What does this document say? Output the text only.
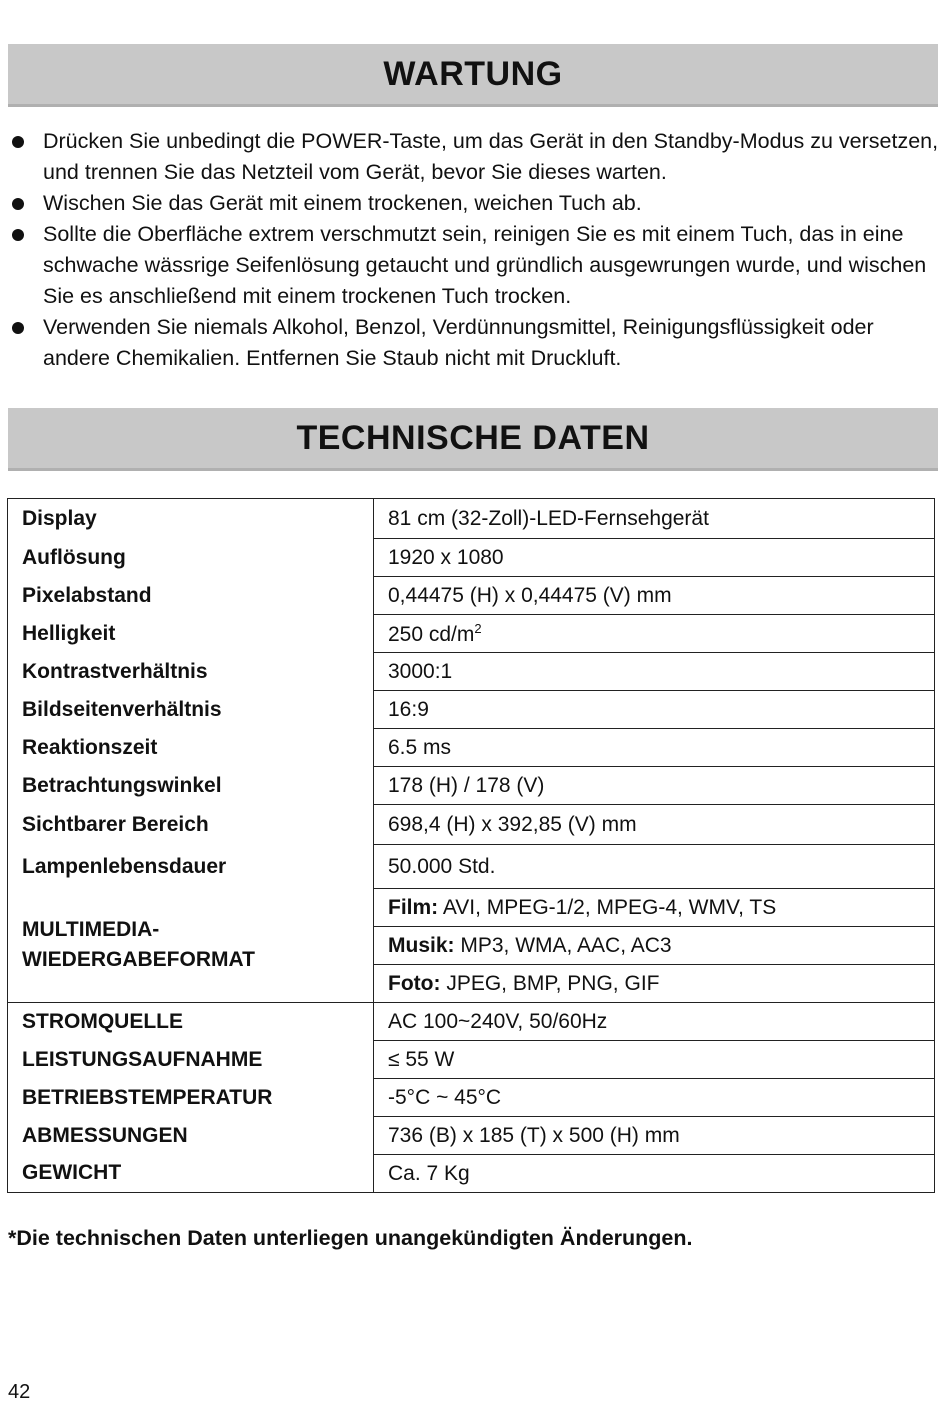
WARTUNG
Drücken Sie unbedingt die POWER-Taste, um das Gerät in den Standby-Modus zu versetzen, und trennen Sie das Netzteil vom Gerät, bevor Sie dieses warten.
Wischen Sie das Gerät mit einem trockenen, weichen Tuch ab.
Sollte die Oberfläche extrem verschmutzt sein, reinigen Sie es mit einem Tuch, das in eine schwache wässrige Seifenlösung getaucht und gründlich ausgewrungen wurde, und wischen Sie es anschließend mit einem trockenen Tuch trocken.
Verwenden Sie niemals Alkohol, Benzol, Verdünnungsmittel, Reinigungsflüssigkeit oder andere Chemikalien. Entfernen Sie Staub nicht mit Druckluft.
TECHNISCHE DATEN
Display	81 cm (32-Zoll)-LED-Fernsehgerät
Auflösung	1920 x 1080
Pixelabstand	0,44475 (H) x 0,44475 (V) mm
Helligkeit	250 $cd/m^2$
Kontrastverhältnis	3000:1
Bildseitenverhältnis	16:9
Reaktionszeit	6.5 ms
Betrachtungswinkel	178 (H) / 178 (V)
Sichtbarer Bereich	698,4 (H) x 392,85 (V) mm
Lampenlebensdauer	50.000 Std.
MULTIMEDIA-
WIEDERGABEFORMAT	Film: AVI, MPEG-1/2, MPEG-4, WMV, TS
	Musik: MP3, WMA, AAC, AC3
	Foto: JPEG, BMP, PNG, GIF
STROMQUELLE	AC 100~240V, 50/60Hz
LEISTUNGSAUFNAHME	≤ 55 W
BETRIEBSTEMPERATUR	-5°C ~ 45°C
ABMESSUNGEN	736 (B) x 185 (T) x 500 (H) mm
GEWICHT	Ca. 7 Kg
*Die technischen Daten unterliegen unangekündigten Änderungen.
42
